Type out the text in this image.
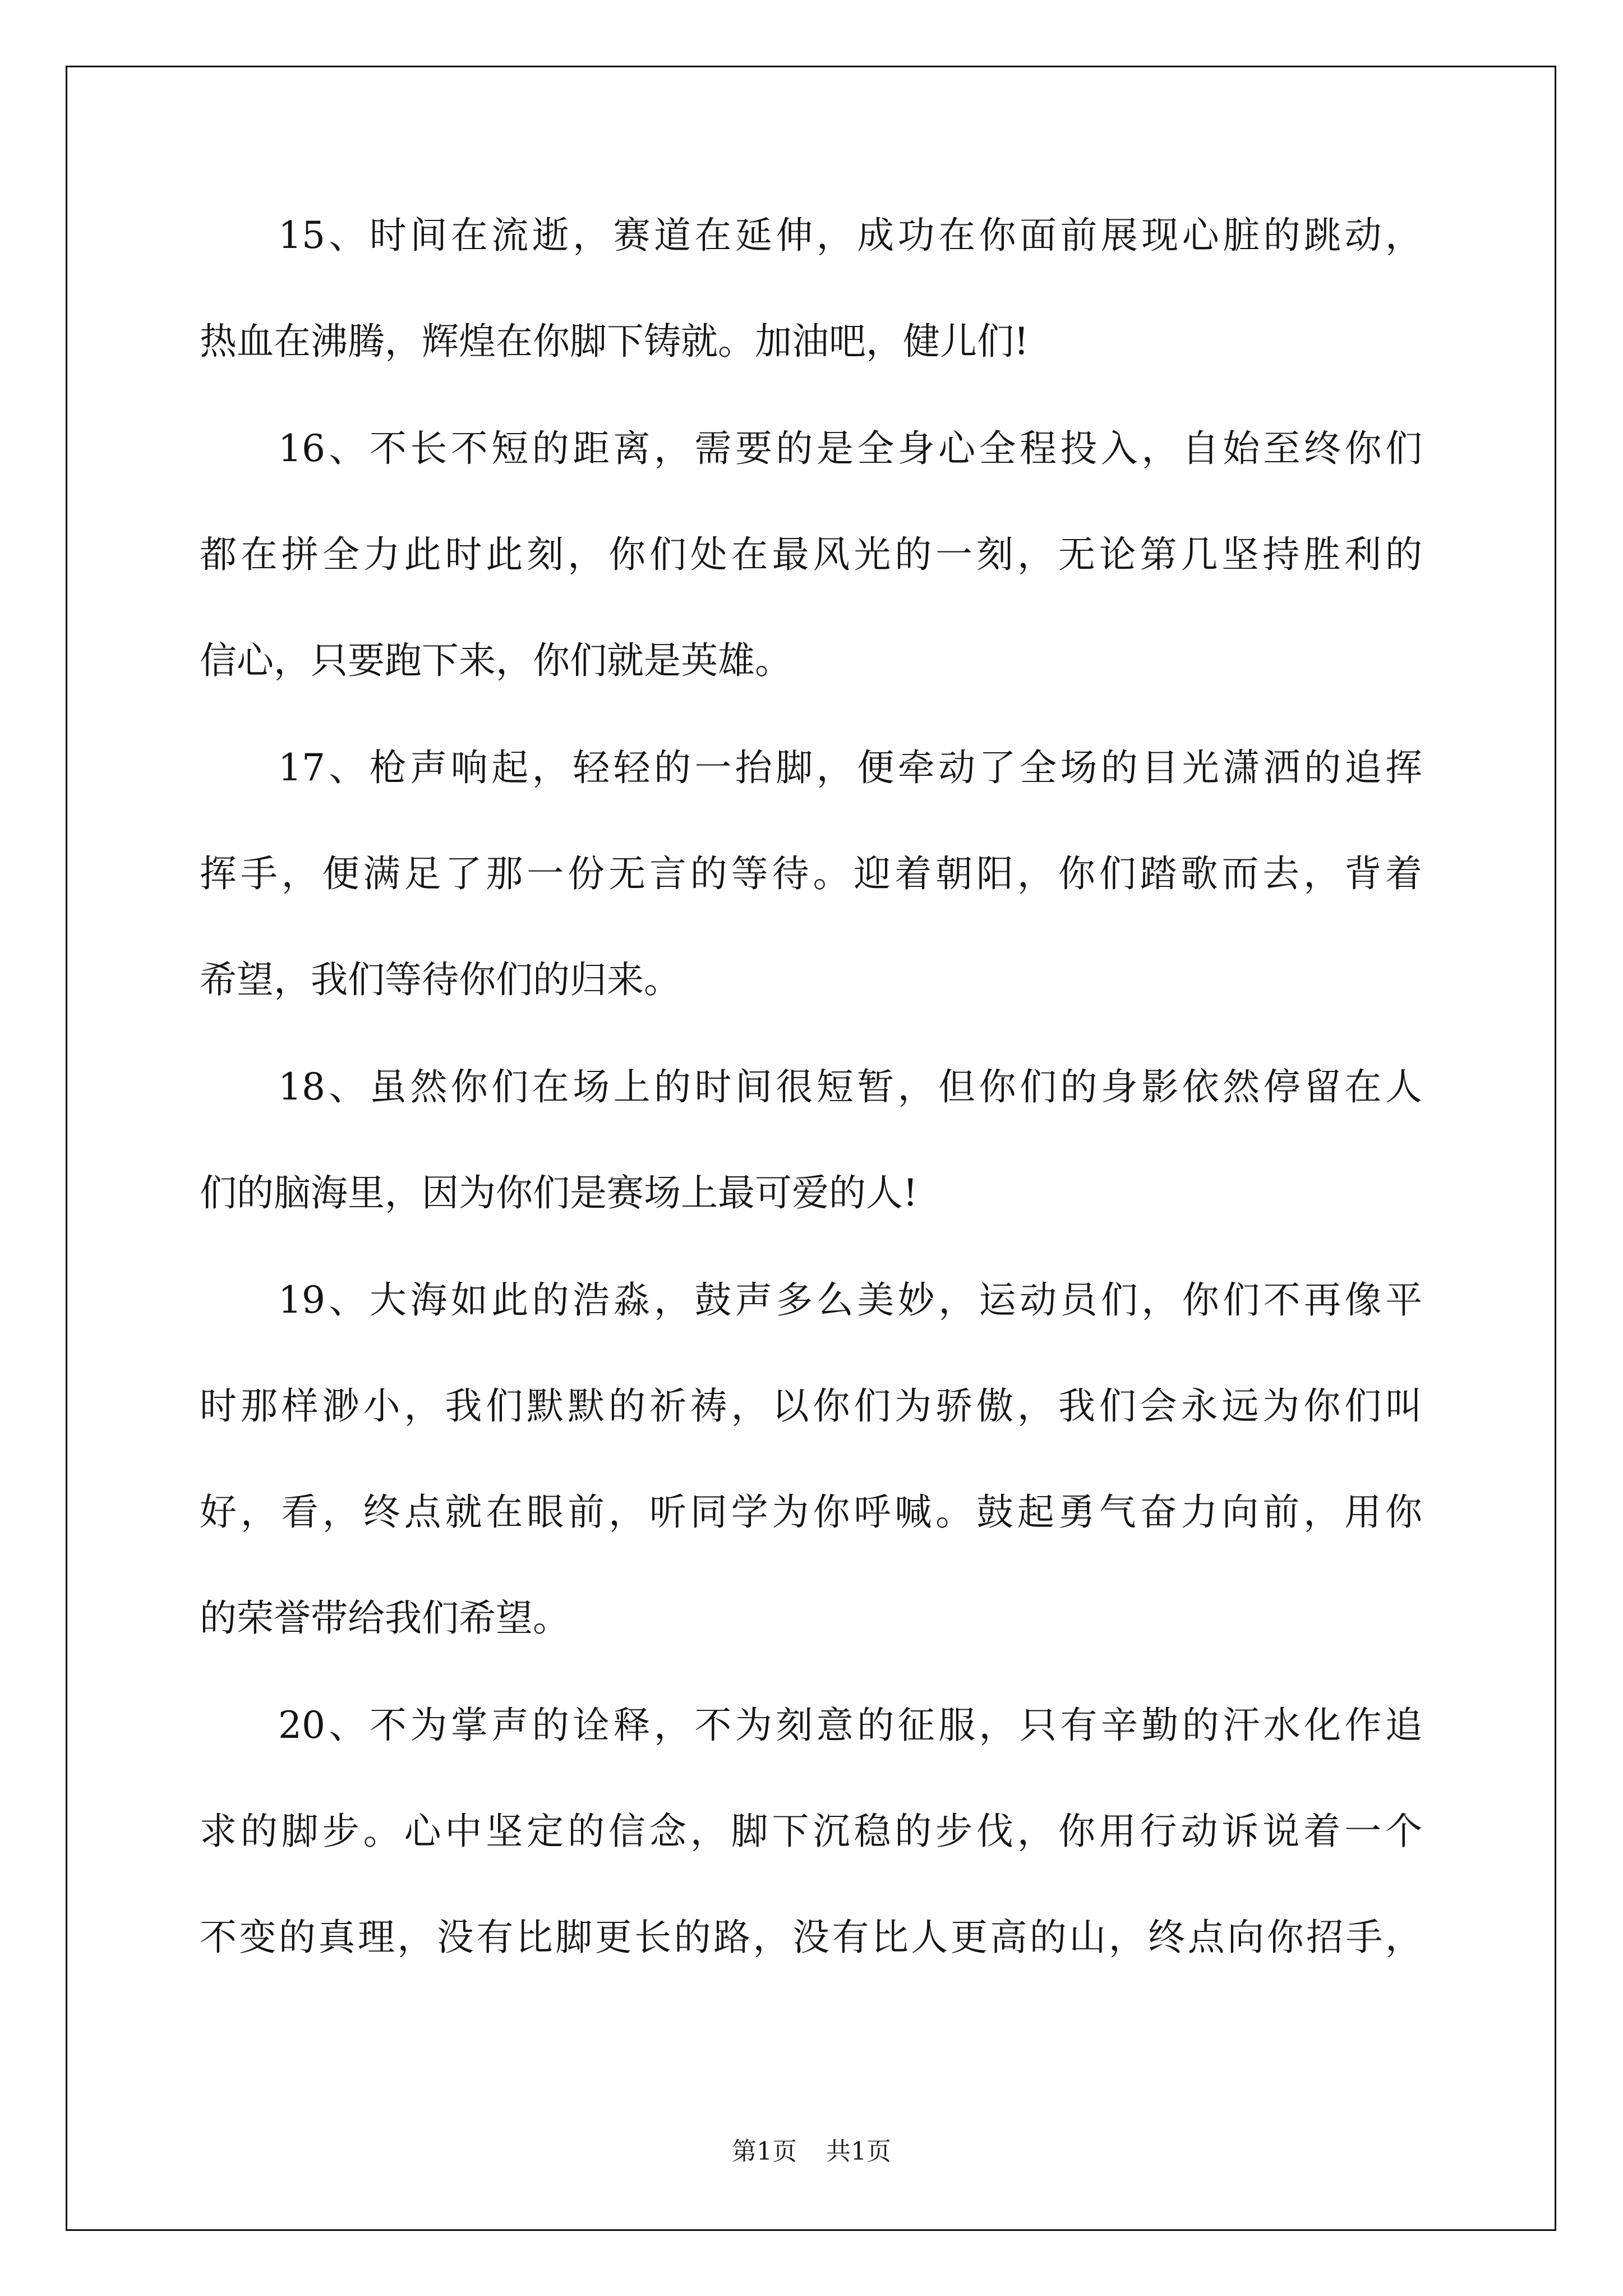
15、时间在流逝，赛道在延伸，成功在你面前展现心脏的跳动，
热血在沸腾，辉煌在你脚下铸就。加油吧，健儿们!
16、不长不短的距离，需要的是全身心全程投入，自始至终你们
都在拼全力此时此刻，你们处在最风光的一刻，无论第几坚持胜利的
信心，只要跑下来，你们就是英雄。
17、枪声响起，轻轻的一抬脚，便牵动了全场的目光潇洒的追挥
挥手，便满足了那一份无言的等待。迎着朝阳，你们踏歌而去，背着
希望，我们等待你们的归来。
18、虽然你们在场上的时间很短暂，但你们的身影依然停留在人
们的脑海里，因为你们是赛场上最可爱的人!
19、大海如此的浩淼，鼓声多么美妙，运动员们，你们不再像平
时那样渺小，我们默默的祈祷，以你们为骄傲，我们会永远为你们叫
好，看，终点就在眼前，听同学为你呼喊。鼓起勇气奋力向前，用你
的荣誉带给我们希望。
20、不为掌声的诠释，不为刻意的征服，只有辛勤的汗水化作追
求的脚步。心中坚定的信念，脚下沉稳的步伐，你用行动诉说着一个
不变的真理，没有比脚更长的路，没有比人更高的山，终点向你招手，
第1页 共1页
